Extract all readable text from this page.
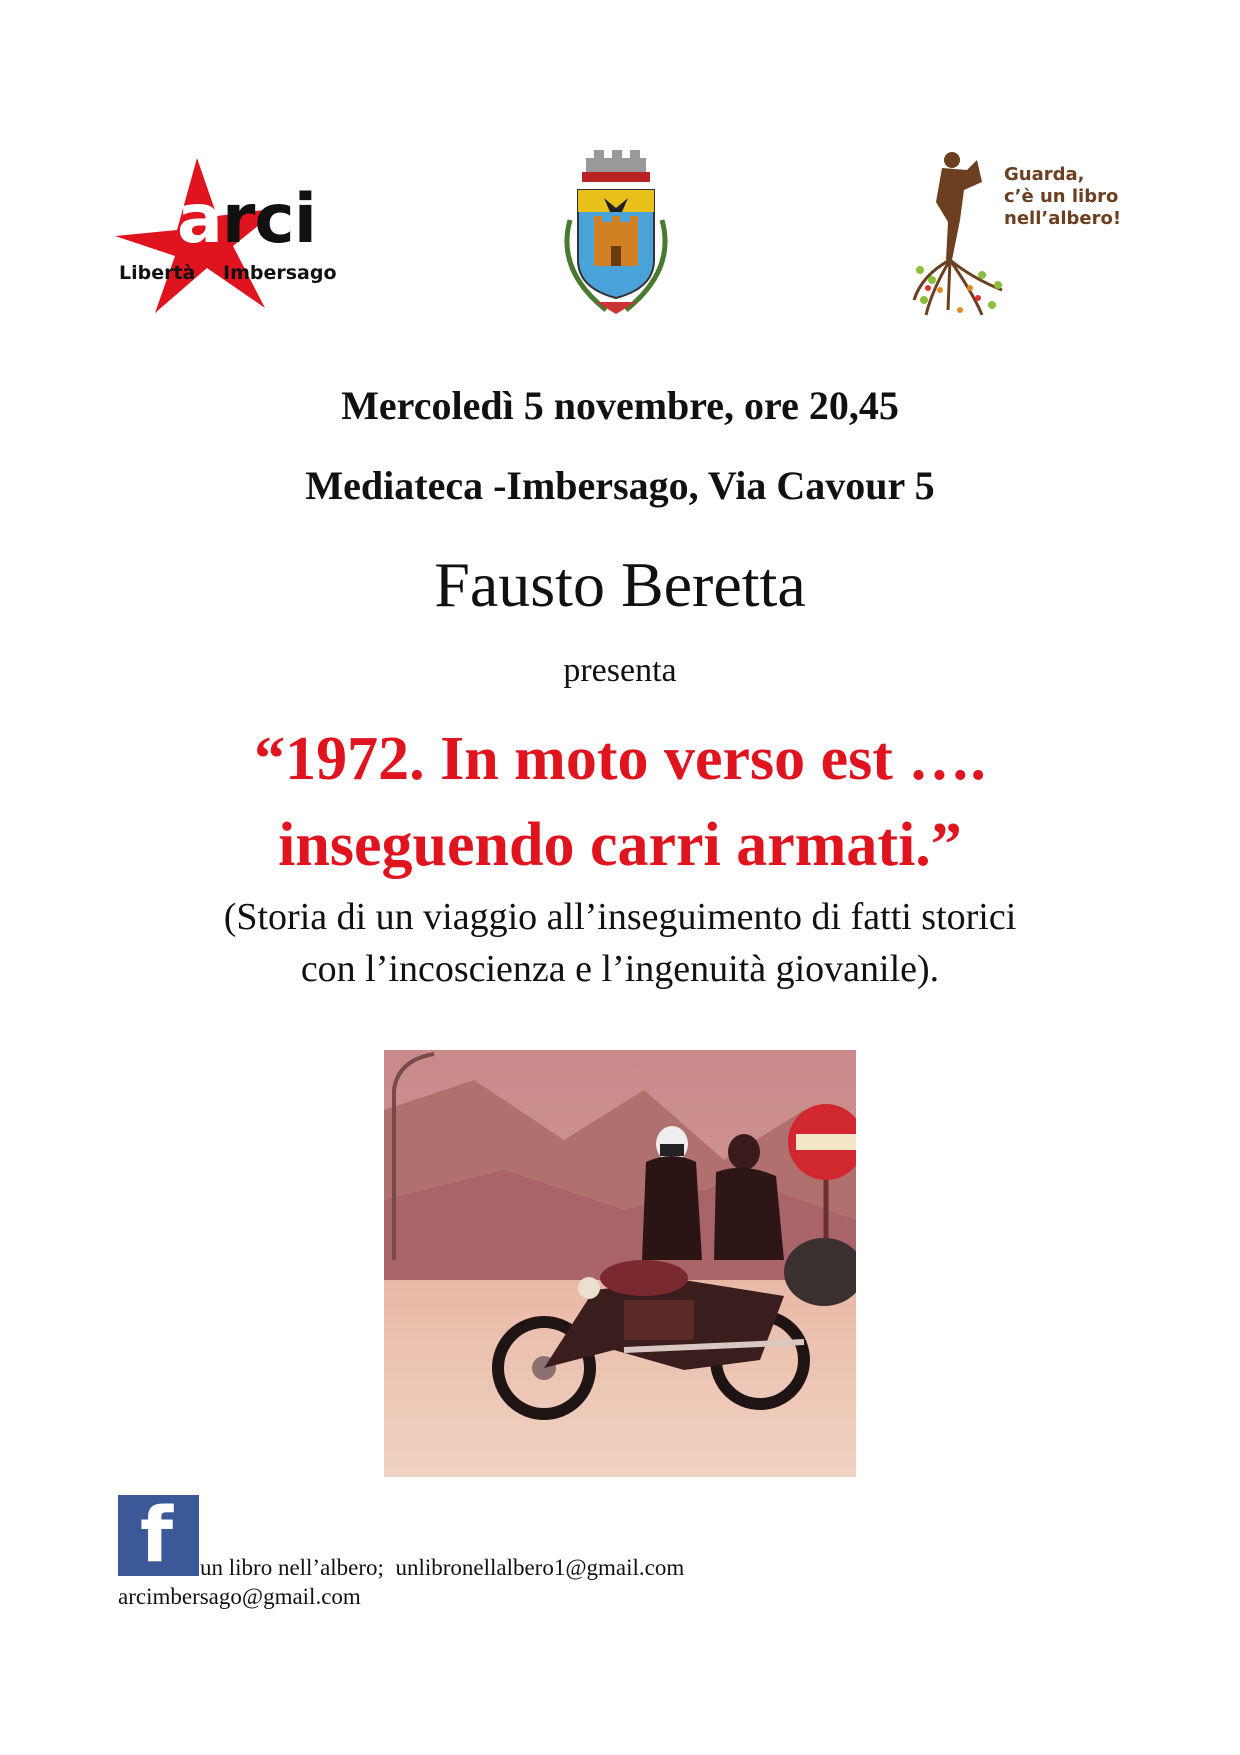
arci
Libertà Imbersago
Guarda,
c’è un libro
nell’albero!
Mercoledì 5 novembre, ore 20,45
Mediateca -Imbersago, Via Cavour 5
Fausto Beretta
presenta
“1972. In moto verso est ….
inseguendo carri armati.”
(Storia di un viaggio all’inseguimento di fatti storici
con l’incoscienza e l’ingenuità giovanile).
f un libro nell’albero;  unlibronellalbero1@gmail.com
arcimbersago@gmail.com
